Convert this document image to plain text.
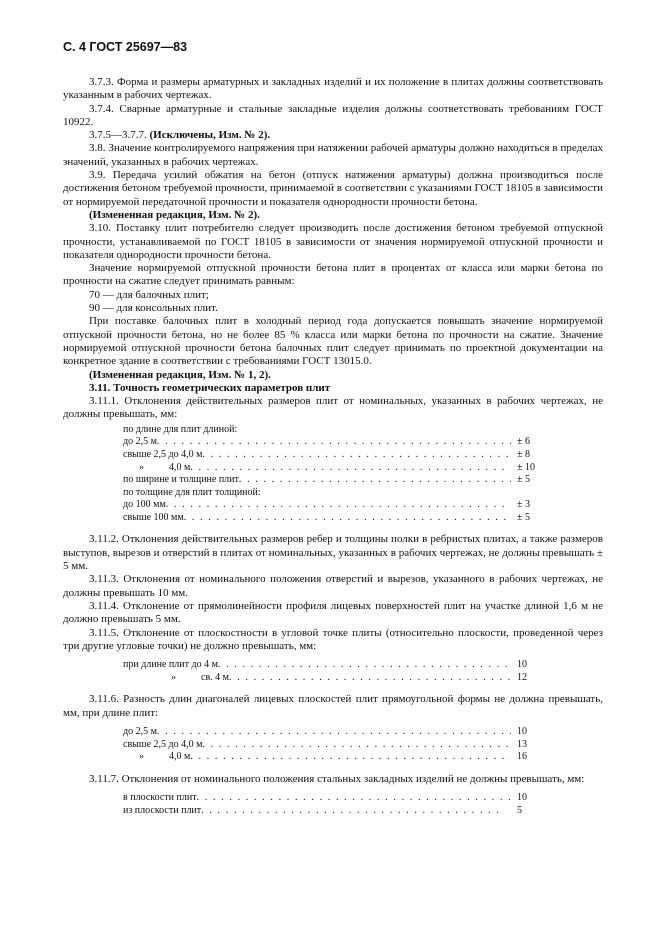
С. 4 ГОСТ 25697—83

3.7.3. Форма и размеры арматурных и закладных изделий и их положение в плитах должны соответствовать указанным в рабочих чертежах.

3.7.4. Сварные арматурные и стальные закладные изделия должны соответствовать требованиям ГОСТ 10922.

3.7.5—3.7.7. (Исключены, Изм. № 2).

3.8. Значение контролируемого напряжения при натяжении рабочей арматуры должно находиться в пределах значений, указанных в рабочих чертежах.

3.9. Передача усилий обжатия на бетон (отпуск натяжения арматуры) должна производиться после достижения бетоном требуемой прочности, принимаемой в соответствии с указаниями ГОСТ 18105 в зависимости от нормируемой передаточной прочности и показателя однородности прочности бетона.

(Измененная редакция, Изм. № 2).

3.10. Поставку плит потребителю следует производить после достижения бетоном требуемой отпускной прочности, устанавливаемой по ГОСТ 18105 в зависимости от значения нормируемой отпускной прочности и показателя однородности прочности бетона.

Значение нормируемой отпускной прочности бетона плит в процентах от класса или марки бетона по прочности на сжатие следует принимать равным:

70 — для балочных плит;

90 — для консольных плит.

При поставке балочных плит в холодный период года допускается повышать значение нормируемой отпускной прочности бетона, но не более 85 % класса или марки бетона по прочности на сжатие. Значение нормируемой отпускной прочности бетона балочных плит следует принимать по проектной документации на конкретное здание в соответствии с требованиями ГОСТ 13015.0.

(Измененная редакция, Изм. № 1, 2).

3.11. Точность геометрических параметров плит

3.11.1. Отклонения действительных размеров плит от номинальных, указанных в рабочих чертежах, не должны превышать, мм:

по длине для плит длиной:
до 2,5 м . . .	± 6
свыше 2,5 до 4,0 м . . .	± 8
»          4,0 м . . .	± 10
по ширине и толщине плит . . .	± 5
по толщине для плит толщиной:
до 100 мм . . .	± 3
свыше 100 мм . . .	± 5

3.11.2. Отклонения действительных размеров ребер и толщины полки в ребристых плитах, а также размеров выступов, вырезов и отверстий в плитах от номинальных, указанных в рабочих чертежах, не должны превышать ± 5 мм.

3.11.3. Отклонения от номинального положения отверстий и вырезов, указанного в рабочих чертежах, не должны превышать 10 мм.

3.11.4. Отклонение от прямолинейности профиля лицевых поверхностей плит на участке длиной 1,6 м не должно превышать 5 мм.

3.11.5. Отклонение от плоскостности в угловой точке плиты (относительно плоскости, проведенной через три другие угловые точки) не должно превышать, мм:

при длине плит до 4 м . . .	10
»          св. 4 м . . .	12

3.11.6. Разность длин диагоналей лицевых плоскостей плит прямоугольной формы не должна превышать, мм, при длине плит:

до 2,5 м . . .	10
свыше 2,5 до 4,0 м . . .	13
»          4,0 м . . .	16

3.11.7. Отклонения от номинального положения стальных закладных изделий не должны превышать, мм:

в плоскости плит . . .	10
из плоскости плит . . .	5
